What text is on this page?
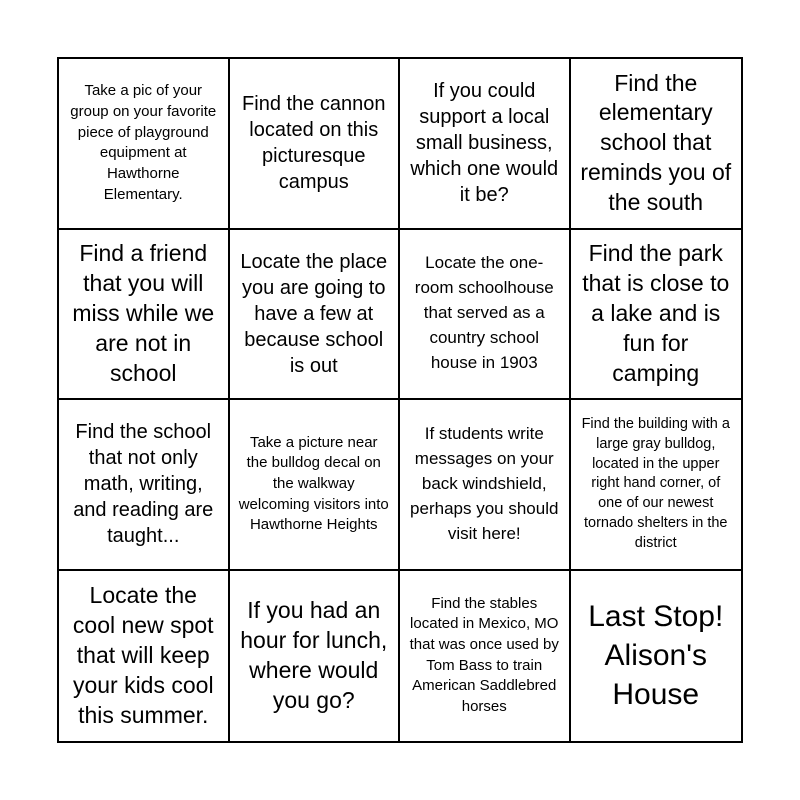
Take a pic of your group on your favorite piece of playground equipment at Hawthorne Elementary.
Find the cannon located on this picturesque campus
If you could support a local small business, which one would it be?
Find the elementary school that reminds you of the south
Find a friend that you will miss while we are not in school
Locate the place you are going to have a few at because school is out
Locate the one-room schoolhouse that served as a country school house in 1903
Find the park that is close to a lake and is fun for camping
Find the school that not only math, writing, and reading are taught...
Take a picture near the bulldog decal on the walkway welcoming visitors into Hawthorne Heights
If students write messages on your back windshield, perhaps you should visit here!
Find the building with a large gray bulldog, located in the upper right hand corner, of one of our newest tornado shelters in the district
Locate the cool new spot that will keep your kids cool this summer.
If you had an hour for lunch, where would you go?
Find the stables located in Mexico, MO that was once used by Tom Bass to train American Saddlebred horses
Last Stop! Alison's House
